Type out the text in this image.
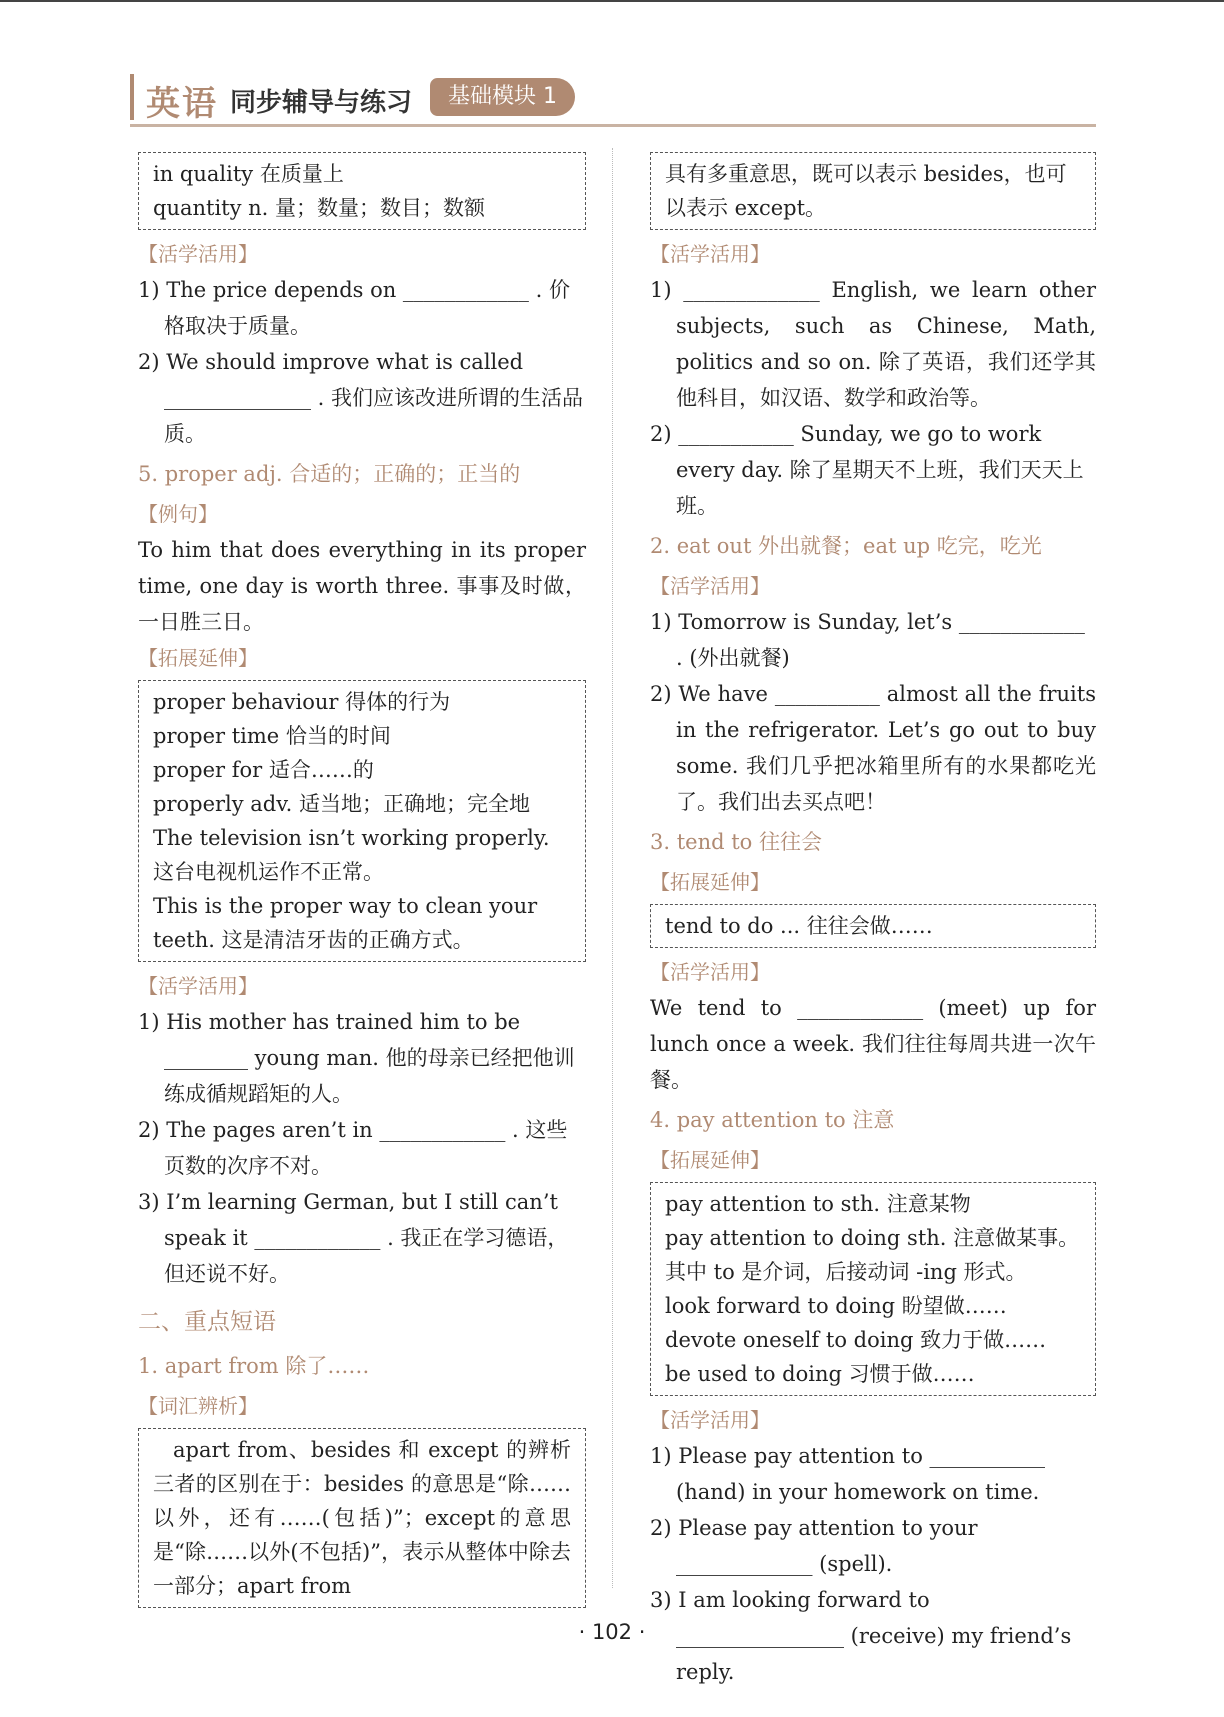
英语 同步辅导与练习	基础模块 1
in quality 在质量上
quantity n. 量；数量；数目；数额
【活学活用】
1) The price depends on ____________ . 价格取决于质量。
2) We should improve what is called ______________ . 我们应该改进所谓的生活品质。
5. proper adj. 合适的；正确的；正当的
【例句】
To him that does everything in its proper time, one day is worth three. 事事及时做，一日胜三日。
【拓展延伸】
proper behaviour 得体的行为
proper time 恰当的时间
proper for 适合……的
properly adv. 适当地；正确地；完全地
The television isn’t working properly. 这台电视机运作不正常。
This is the proper way to clean your teeth. 这是清洁牙齿的正确方式。
【活学活用】
1) His mother has trained him to be ________ young man. 他的母亲已经把他训练成循规蹈矩的人。
2) The pages aren’t in ____________ . 这些页数的次序不对。
3) I’m learning German, but I still can’t speak it ____________ . 我正在学习德语，但还说不好。
二、重点短语
1. apart from 除了……
【词汇辨析】
apart from、besides 和 except 的辨析 三者的区别在于：besides 的意思是“除……以外，还有……(包括)”；except的意思是“除……以外(不包括)”，表示从整体中除去一部分；apart from
具有多重意思，既可以表示 besides，也可以表示 except。
【活学活用】
1) _____________ English, we learn other subjects, such as Chinese, Math, politics and so on. 除了英语，我们还学其他科目，如汉语、数学和政治等。
2) ___________ Sunday, we go to work every day. 除了星期天不上班，我们天天上班。
2. eat out 外出就餐；eat up 吃完，吃光
【活学活用】
1) Tomorrow is Sunday, let’s ____________ . (外出就餐)
2) We have __________ almost all the fruits in the refrigerator. Let’s go out to buy some. 我们几乎把冰箱里所有的水果都吃光了。我们出去买点吧！
3. tend to 往往会
【拓展延伸】
tend to do ... 往往会做……
【活学活用】
We tend to ____________ (meet) up for lunch once a week. 我们往往每周共进一次午餐。
4. pay attention to 注意
【拓展延伸】
pay attention to sth. 注意某物
pay attention to doing sth. 注意做某事。其中 to 是介词，后接动词 -ing 形式。
look forward to doing 盼望做……
devote oneself to doing 致力于做……
be used to doing 习惯于做……
【活学活用】
1) Please pay attention to ___________ (hand) in your homework on time.
2) Please pay attention to your _____________ (spell).
3) I am looking forward to ________________ (receive) my friend’s reply.
· 102 ·
